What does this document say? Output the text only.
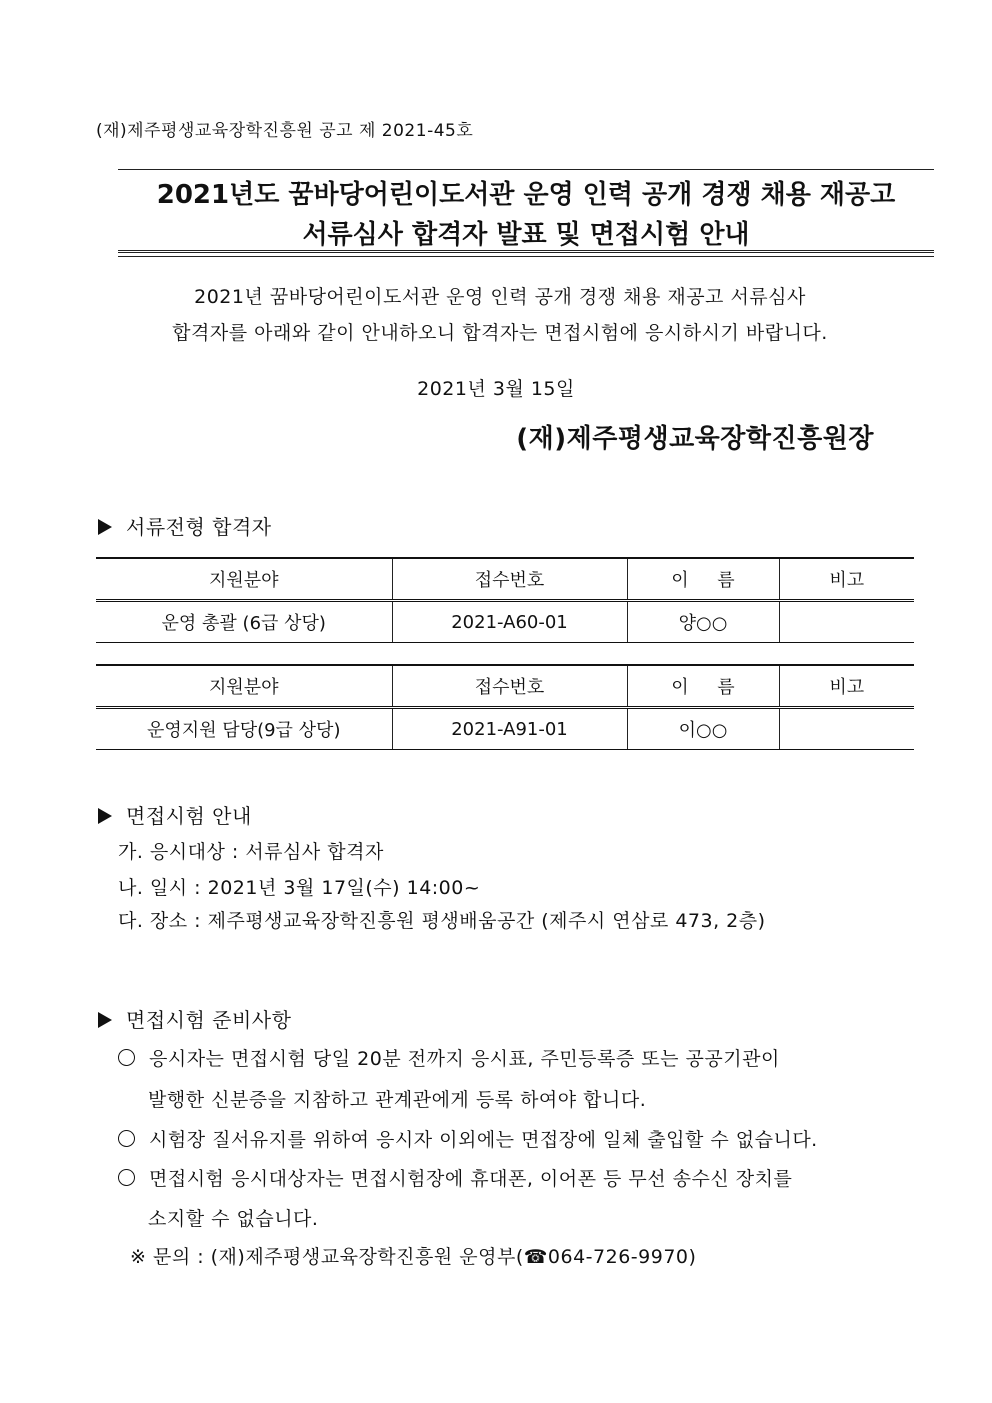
(재)제주평생교육장학진흥원 공고 제 2021-45호
2021년도 꿈바당어린이도서관 운영 인력 공개 경쟁 채용 재공고
서류심사 합격자 발표 및 면접시험 안내
2021년 꿈바당어린이도서관 운영 인력 공개 경쟁 채용 재공고 서류심사
합격자를 아래와 같이 안내하오니 합격자는 면접시험에 응시하시기 바랍니다.
2021년 3월 15일
(재)제주평생교육장학진흥원장
서류전형 합격자
지원분야	접수번호	이     름	비고
운영 총괄 (6급 상당)	2021-A60-01	양○○	
지원분야	접수번호	이     름	비고
운영지원 담당(9급 상당)	2021-A91-01	이○○	
면접시험 안내
가. 응시대상 : 서류심사 합격자
나. 일시 : 2021년 3월 17일(수) 14:00~
다. 장소 : 제주평생교육장학진흥원 평생배움공간 (제주시 연삼로 473, 2층)
면접시험 준비사항
응시자는 면접시험 당일 20분 전까지 응시표, 주민등록증 또는 공공기관이
발행한 신분증을 지참하고 관계관에게 등록 하여야 합니다.
시험장 질서유지를 위하여 응시자 이외에는 면접장에 일체 출입할 수 없습니다.
면접시험 응시대상자는 면접시험장에 휴대폰, 이어폰 등 무선 송수신 장치를
소지할 수 없습니다.
※ 문의 : (재)제주평생교육장학진흥원 운영부(☎064-726-9970)
